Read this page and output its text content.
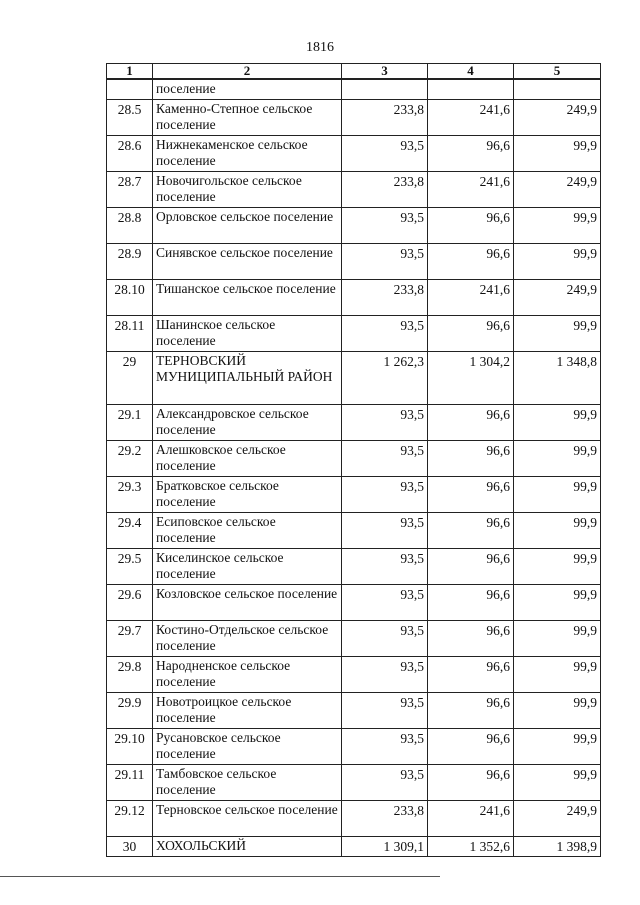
1816
1	2	3	4	5
	поселение			
28.5	Каменно-Степное сельское поселение	233,8	241,6	249,9
28.6	Нижнекаменское сельское поселение	93,5	96,6	99,9
28.7	Новочигольское сельское поселение	233,8	241,6	249,9
28.8	Орловское сельское поселение	93,5	96,6	99,9
28.9	Синявское сельское поселение	93,5	96,6	99,9
28.10	Тишанское сельское поселение	233,8	241,6	249,9
28.11	Шанинское сельское поселение	93,5	96,6	99,9
29	ТЕРНОВСКИЙ МУНИЦИПАЛЬНЫЙ РАЙОН	1 262,3	1 304,2	1 348,8
29.1	Александровское сельское поселение	93,5	96,6	99,9
29.2	Алешковское сельское поселение	93,5	96,6	99,9
29.3	Братковское сельское поселение	93,5	96,6	99,9
29.4	Есиповское сельское поселение	93,5	96,6	99,9
29.5	Киселинское сельское поселение	93,5	96,6	99,9
29.6	Козловское сельское поселение	93,5	96,6	99,9
29.7	Костино-Отдельское сельское поселение	93,5	96,6	99,9
29.8	Народненское сельское поселение	93,5	96,6	99,9
29.9	Новотроицкое сельское поселение	93,5	96,6	99,9
29.10	Русановское сельское поселение	93,5	96,6	99,9
29.11	Тамбовское сельское поселение	93,5	96,6	99,9
29.12	Терновское сельское поселение	233,8	241,6	249,9
30	ХОХОЛЬСКИЙ	1 309,1	1 352,6	1 398,9
